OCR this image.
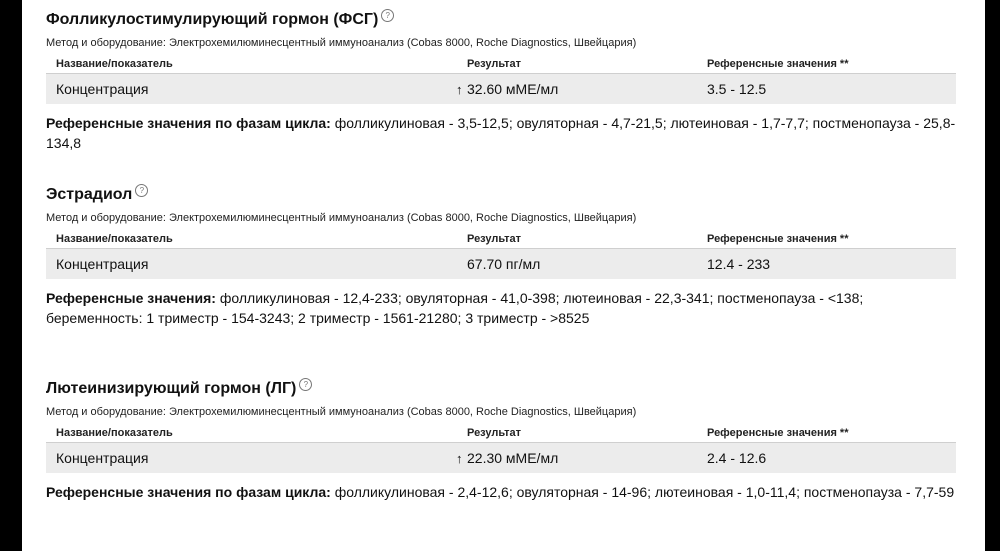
Фолликулостимулирующий гормон (ФСГ) ?
Метод и оборудование: Электрохемилюминесцентный иммуноанализ (Cobas 8000, Roche Diagnostics, Швейцария)
Название/показатель	Результат	Референсные значения **
Концентрация	↑ 32.60 мМЕ/мл	3.5 - 12.5
Референсные значения по фазам цикла: фолликулиновая - 3,5-12,5; овуляторная - 4,7-21,5; лютеиновая - 1,7-7,7; постменопауза - 25,8-134,8
Эстрадиол ?
Метод и оборудование: Электрохемилюминесцентный иммуноанализ (Cobas 8000, Roche Diagnostics, Швейцария)
Название/показатель	Результат	Референсные значения **
Концентрация	67.70 пг/мл	12.4 - 233
Референсные значения: фолликулиновая - 12,4-233; овуляторная - 41,0-398; лютеиновая - 22,3-341; постменопауза - <138; беременность: 1 триместр - 154-3243; 2 триместр - 1561-21280; 3 триместр - >8525
Лютеинизирующий гормон (ЛГ) ?
Метод и оборудование: Электрохемилюминесцентный иммуноанализ (Cobas 8000, Roche Diagnostics, Швейцария)
Название/показатель	Результат	Референсные значения **
Концентрация	↑ 22.30 мМЕ/мл	2.4 - 12.6
Референсные значения по фазам цикла: фолликулиновая - 2,4-12,6; овуляторная - 14-96; лютеиновая - 1,0-11,4; постменопауза - 7,7-59
